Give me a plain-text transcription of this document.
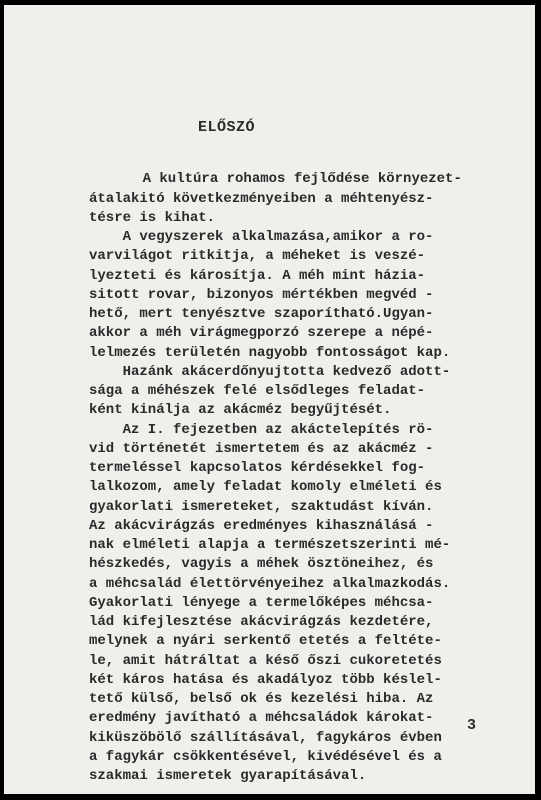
ELŐSZÓ
A kultúra rohamos fejlődése környezet-
átalakitó következményeiben a méhtenyész-
tésre is kihat.
A vegyszerek alkalmazása,amikor a ro-
varvilágot ritkitja, a méheket is veszé-
lyezteti és károsítja. A méh mint házia-
sitott rovar, bizonyos mértékben megvéd -
hető, mert tenyésztve szaporítható.Ugyan-
akkor a méh virágmegporzó szerepe a népé-
lelmezés területén nagyobb fontosságot kap.
Hazánk akácerdőnyujtotta kedvező adott-
sága a méhészek felé elsődleges feladat-
ként kinálja az akácméz begyűjtését.
Az I. fejezetben az akáctelepítés rö-
vid történetét ismertetem és az akácméz -
termeléssel kapcsolatos kérdésekkel fog-
lalkozom, amely feladat komoly elméleti és
gyakorlati ismereteket, szaktudást kíván.
Az akácvirágzás eredményes kihasználásá -
nak elméleti alapja a természetszerinti mé-
hészkedés, vagyis a méhek ösztöneihez, és
a méhcsalád élettörvényeihez alkalmazkodás.
Gyakorlati lényege a termelőképes méhcsa-
lád kifejlesztése akácvirágzás kezdetére,
melynek a nyári serkentő etetés a feltéte-
le, amit hátráltat a késő őszi cukoretetés
két káros hatása és akadályoz több késlel-
tető külső, belső ok és kezelési hiba. Az
eredmény javítható a méhcsaládok károkat-
kiküszöbölő szállításával, fagykáros évben
a fagykár csökkentésével, kivédésével és a
szakmai ismeretek gyarapításával.
3
